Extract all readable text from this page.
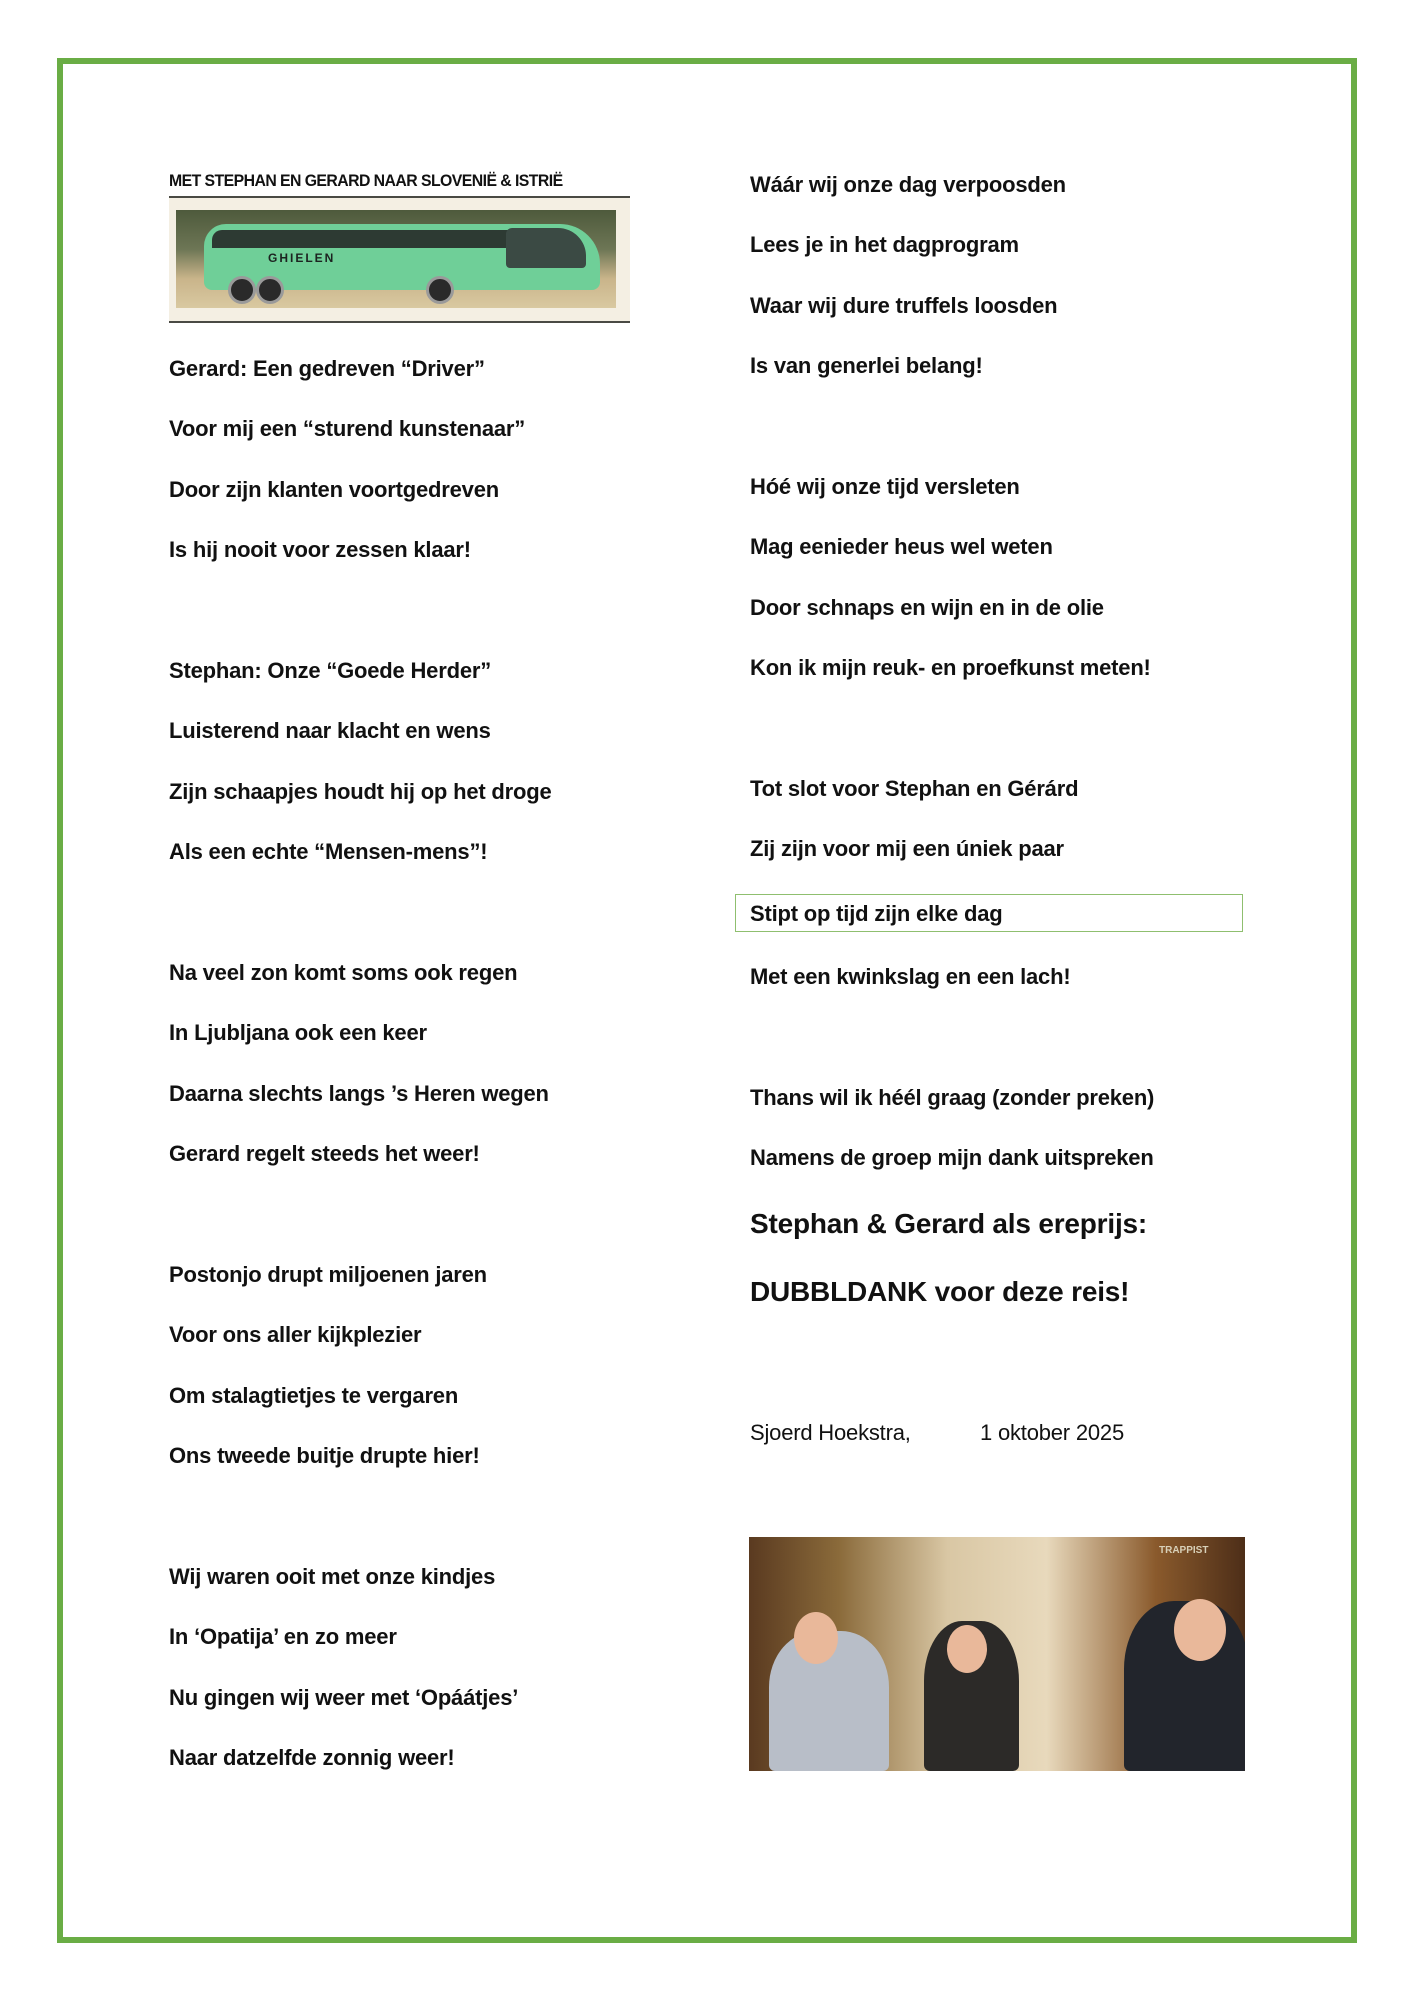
MET STEPHAN EN GERARD NAAR SLOVENIË & ISTRIË
GHIELEN
Gerard: Een gedreven “Driver”
Voor mij een “sturend kunstenaar”
Door zijn klanten voortgedreven
Is hij nooit voor zessen klaar!
Stephan: Onze “Goede Herder”
Luisterend naar klacht en wens
Zijn schaapjes houdt hij op het droge
Als een echte “Mensen-mens”!
Na veel zon komt soms ook regen
In Ljubljana ook een keer
Daarna slechts langs ’s Heren wegen
Gerard regelt steeds het weer!
Postonjo drupt miljoenen jaren
Voor ons aller kijkplezier
Om stalagtietjes te vergaren
Ons tweede buitje drupte hier!
Wij waren ooit met onze kindjes
In ‘Opatija’ en zo meer
Nu gingen wij weer met ‘Opáátjes’
Naar datzelfde zonnig weer!
Wáár wij onze dag verpoosden
Lees je in het dagprogram
Waar wij dure truffels loosden
Is van generlei belang!
Hóé wij onze tijd versleten
Mag eenieder heus wel weten
Door schnaps en wijn en in de olie
Kon ik mijn reuk- en proefkunst meten!
Tot slot voor Stephan en Gérárd
Zij zijn voor mij een úniek paar
Stipt op tijd zijn elke dag
Met een kwinkslag en een lach!
Thans wil ik héél graag (zonder preken)
Namens de groep mijn dank uitspreken
Stephan & Gerard als ereprijs:
DUBBLDANK voor deze reis!
Sjoerd Hoekstra,	1 oktober 2025
TRAPPIST
